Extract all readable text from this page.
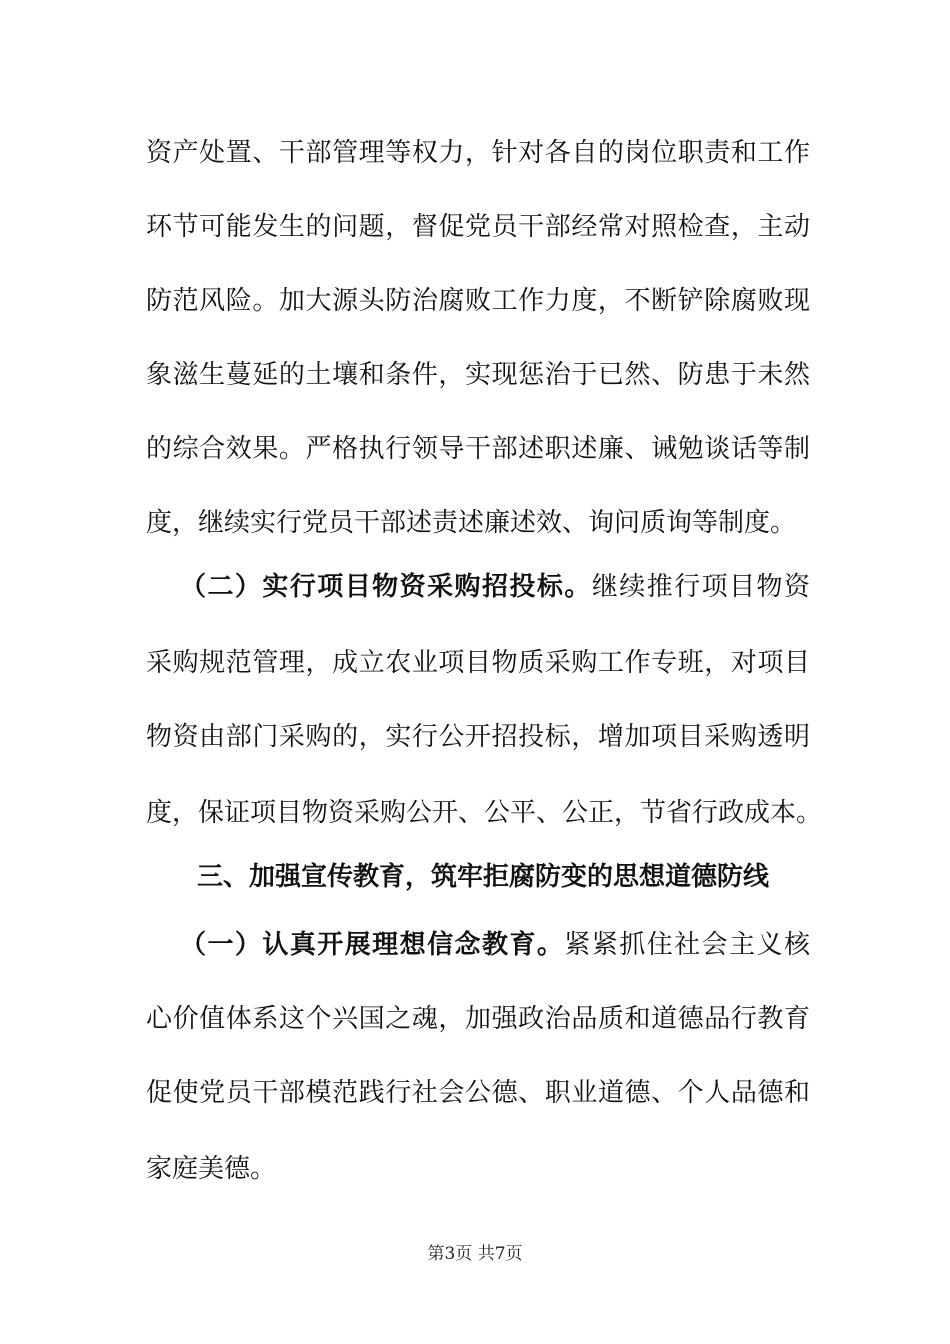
资产处置、干部管理等权力，针对各自的岗位职责和工作
环节可能发生的问题，督促党员干部经常对照检查，主动
防范风险。加大源头防治腐败工作力度，不断铲除腐败现
象滋生蔓延的土壤和条件，实现惩治于已然、防患于未然
的综合效果。严格执行领导干部述职述廉、诫勉谈话等制
度，继续实行党员干部述责述廉述效、询问质询等制度。
（二）实行项目物资采购招投标。继续推行项目物资
采购规范管理，成立农业项目物质采购工作专班，对项目
物资由部门采购的，实行公开招投标，增加项目采购透明
度，保证项目物资采购公开、公平、公正，节省行政成本。
三、加强宣传教育，筑牢拒腐防变的思想道德防线
（一）认真开展理想信念教育。紧紧抓住社会主义核
心价值体系这个兴国之魂，加强政治品质和道德品行教育
促使党员干部模范践行社会公德、职业道德、个人品德和
家庭美德。
第3页 共7页
